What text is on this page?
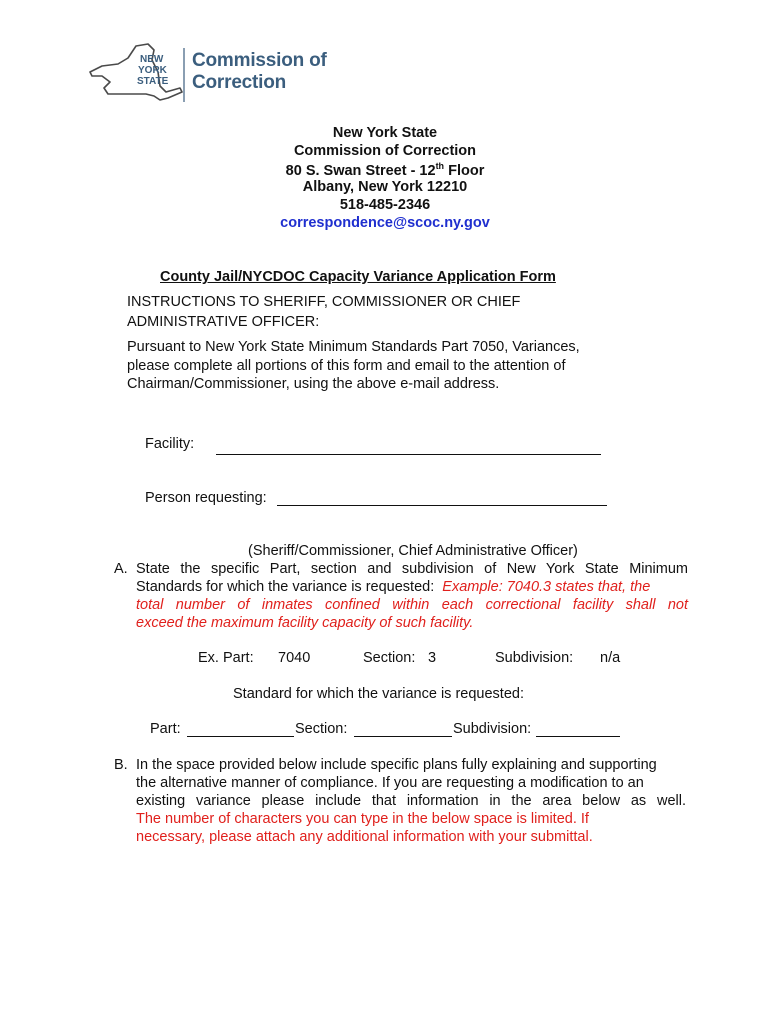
NEW
YORK
STATE
Commission of
Correction
New York State
Commission of Correction
80 S. Swan Street - 12th Floor
Albany, New York 12210
518-485-2346
correspondence@scoc.ny.gov
County Jail/NYCDOC Capacity Variance Application Form
INSTRUCTIONS TO SHERIFF, COMMISSIONER OR CHIEF
ADMINISTRATIVE OFFICER:
Pursuant to New York State Minimum Standards Part 7050, Variances,
please complete all portions of this form and email to the attention of
Chairman/Commissioner, using the above e-mail address.
Facility:
Person requesting:
(Sheriff/Commissioner, Chief Administrative Officer)
A. State the specific Part, section and subdivision of New York State Minimum
Standards for which the variance is requested: Example: 7040.3 states that, the
total number of inmates confined within each correctional facility shall not
exceed the maximum facility capacity of such facility.
Ex. Part: 7040	Section: 3	Subdivision: n/a
Standard for which the variance is requested:
Part:	Section:	Subdivision:
B. In the space provided below include specific plans fully explaining and supporting
the alternative manner of compliance. If you are requesting a modification to an
existing variance please include that information in the area below as well.
The number of characters you can type in the below space is limited. If
necessary, please attach any additional information with your submittal.
